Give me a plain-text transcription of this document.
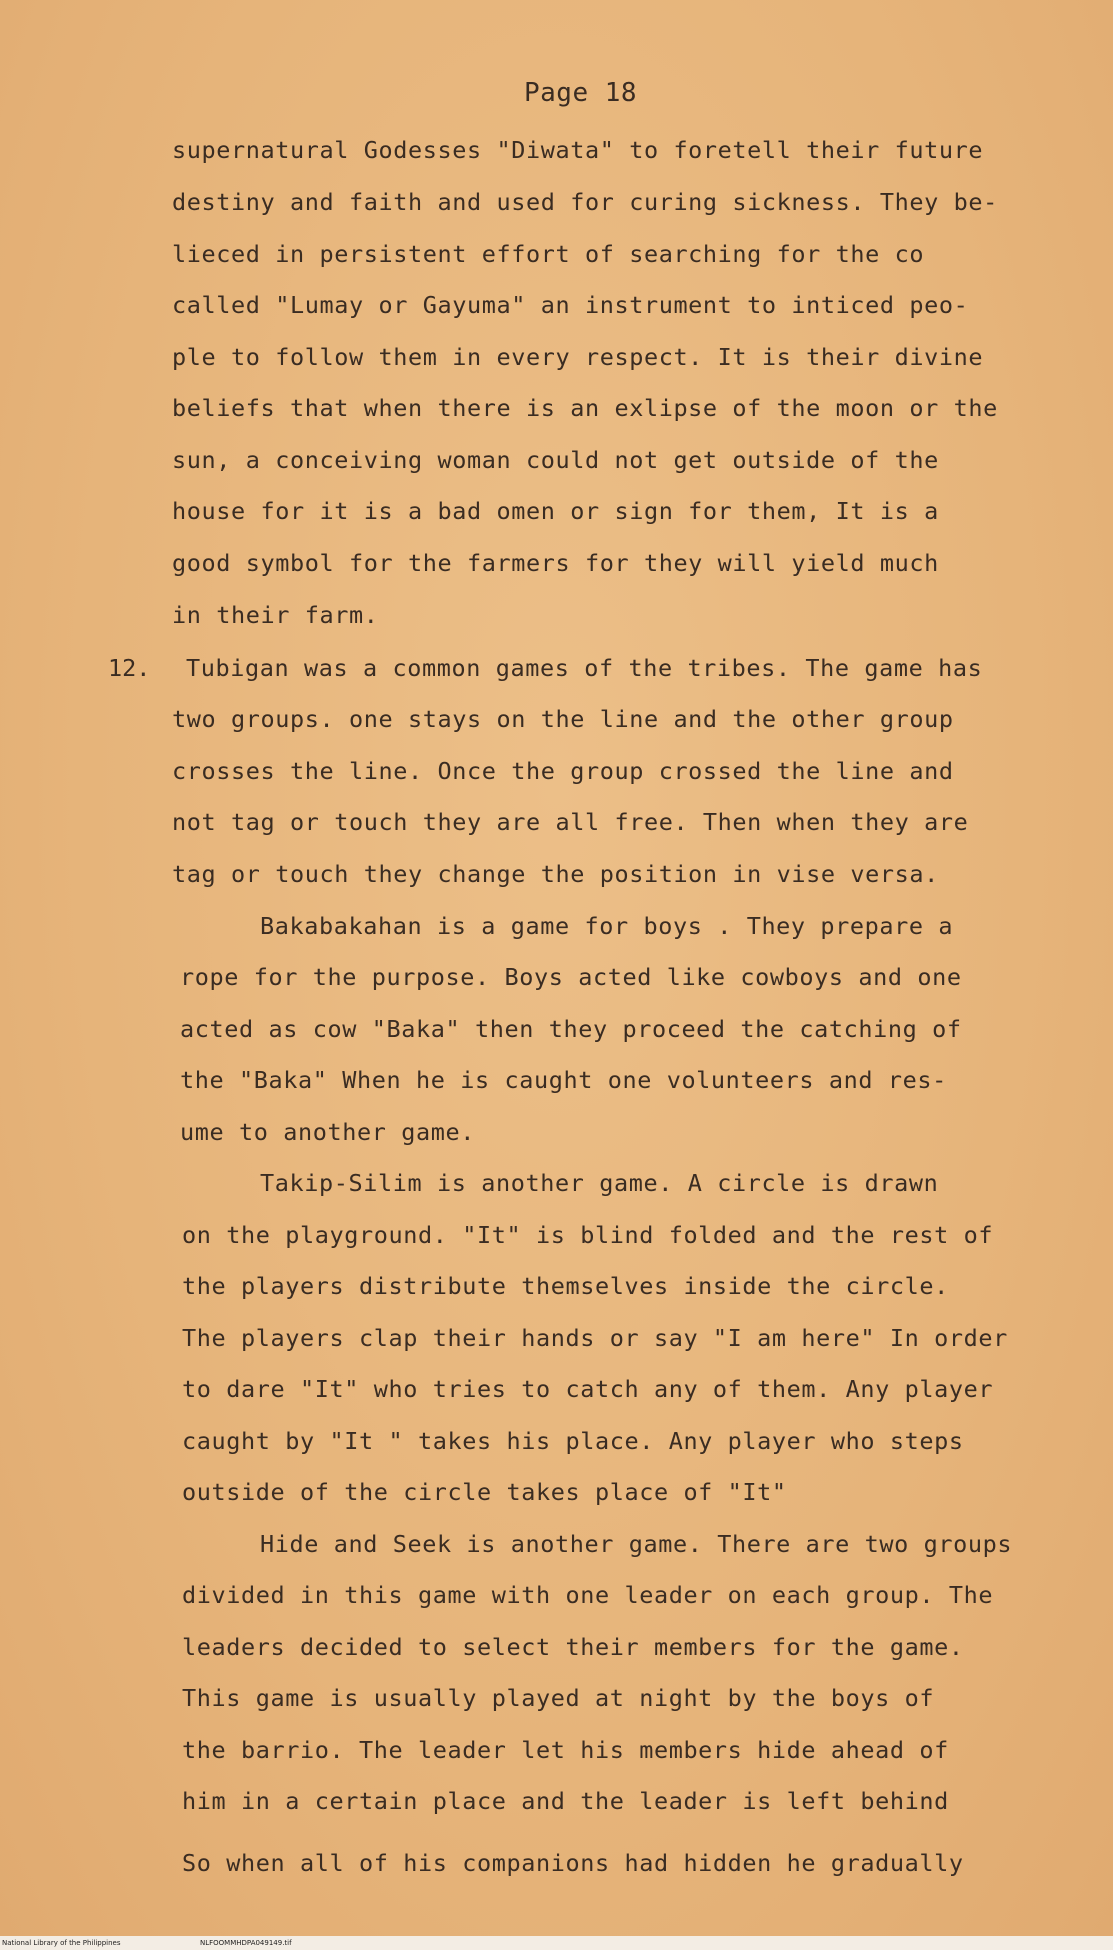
Page 18
supernatural Godesses "Diwata" to foretell their future
destiny and faith and used for curing sickness. They be-
lieced in persistent effort of searching for the co
called "Lumay or Gayuma" an instrument to inticed peo-
ple to follow them in every respect. It is their divine
beliefs that when there is an exlipse of the moon or the
sun, a conceiving woman could not get outside of the
house for it is a bad omen or sign for them, It is a
good symbol for the farmers for they will yield much
in their farm.
12. Tubigan was a common games of the tribes. The game has
two groups. one stays on the line and the other group
crosses the line. Once the group crossed the line and
not tag or touch they are all free. Then when they are
tag or touch they change the position in vise versa.
Bakabakahan is a game for boys . They prepare a
rope for the purpose. Boys acted like cowboys and one
acted as cow "Baka" then they proceed the catching of
the "Baka" When he is caught one volunteers and res-
ume to another game.
Takip-Silim is another game. A circle is drawn
on the playground. "It" is blind folded and the rest of
the players distribute themselves inside the circle.
The players clap their hands or say "I am here" In order
to dare "It" who tries to catch any of them. Any player
caught by "It " takes his place. Any player who steps
outside of the circle takes place of "It"
Hide and Seek is another game. There are two groups
divided in this game with one leader on each group. The
leaders decided to select their members for the game.
This game is usually played at night by the boys of
the barrio. The leader let his members hide ahead of
him in a certain place and the leader is left behind
So when all of his companions had hidden he gradually
National Library of the Philippines	NLFOOMMHDPA049149.tif
